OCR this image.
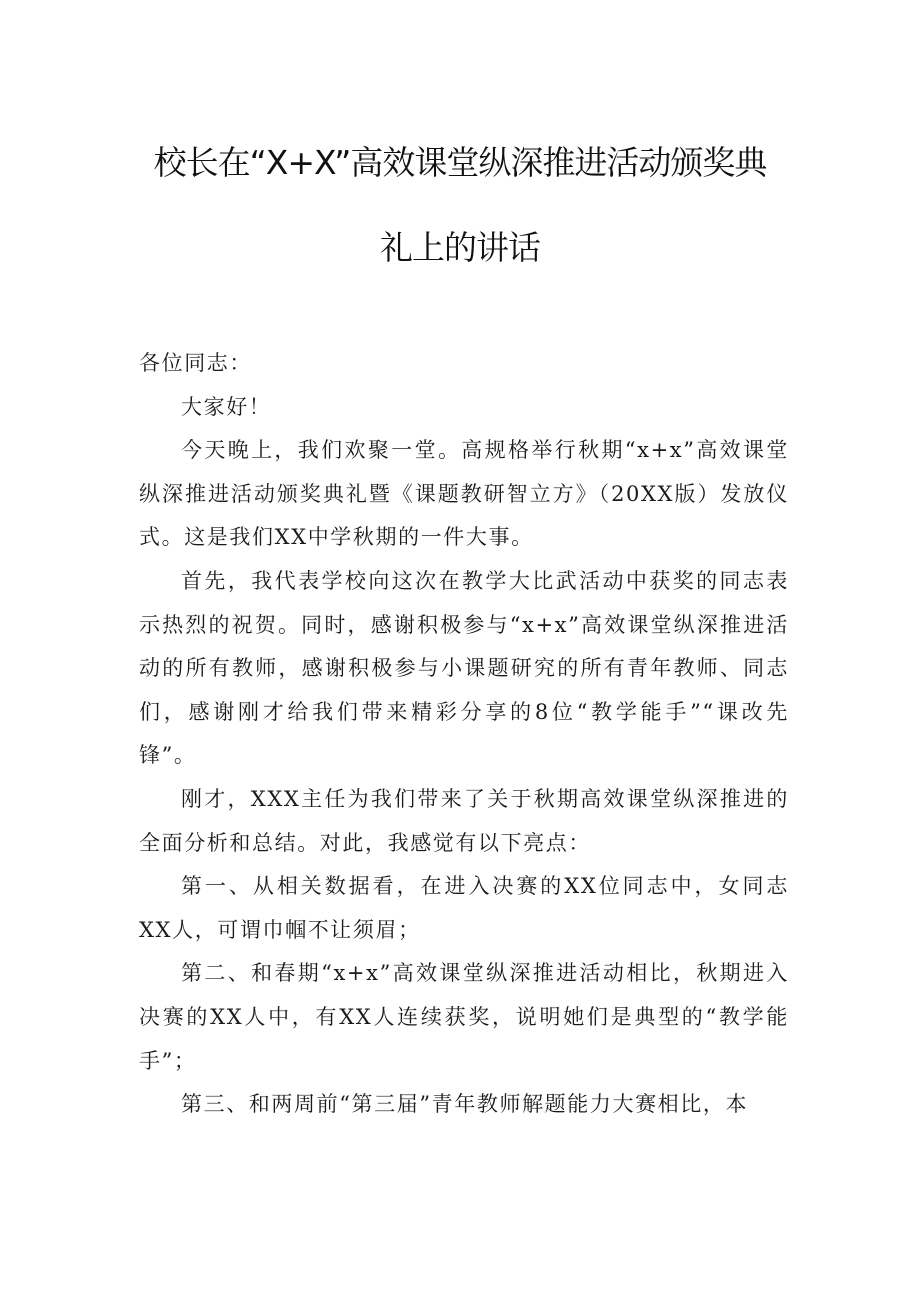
校长在“X+X”高效课堂纵深推进活动颁奖典
礼上的讲话

各位同志：

大家好！

今天晚上，我们欢聚一堂。高规格举行秋期“x+x”高效课堂纵深推进活动颁奖典礼暨《课题教研智立方》（20XX版）发放仪式。这是我们XX中学秋期的一件大事。

首先，我代表学校向这次在教学大比武活动中获奖的同志表示热烈的祝贺。同时，感谢积极参与“x+x”高效课堂纵深推进活动的所有教师，感谢积极参与小课题研究的所有青年教师、同志们，感谢刚才给我们带来精彩分享的8位“教学能手”“课改先锋”。

刚才，XXX主任为我们带来了关于秋期高效课堂纵深推进的全面分析和总结。对此，我感觉有以下亮点：

第一、从相关数据看，在进入决赛的XX位同志中，女同志XX人，可谓巾帼不让须眉；

第二、和春期“x+x”高效课堂纵深推进活动相比，秋期进入决赛的XX人中，有XX人连续获奖，说明她们是典型的“教学能手”；

第三、和两周前“第三届”青年教师解题能力大赛相比，本
